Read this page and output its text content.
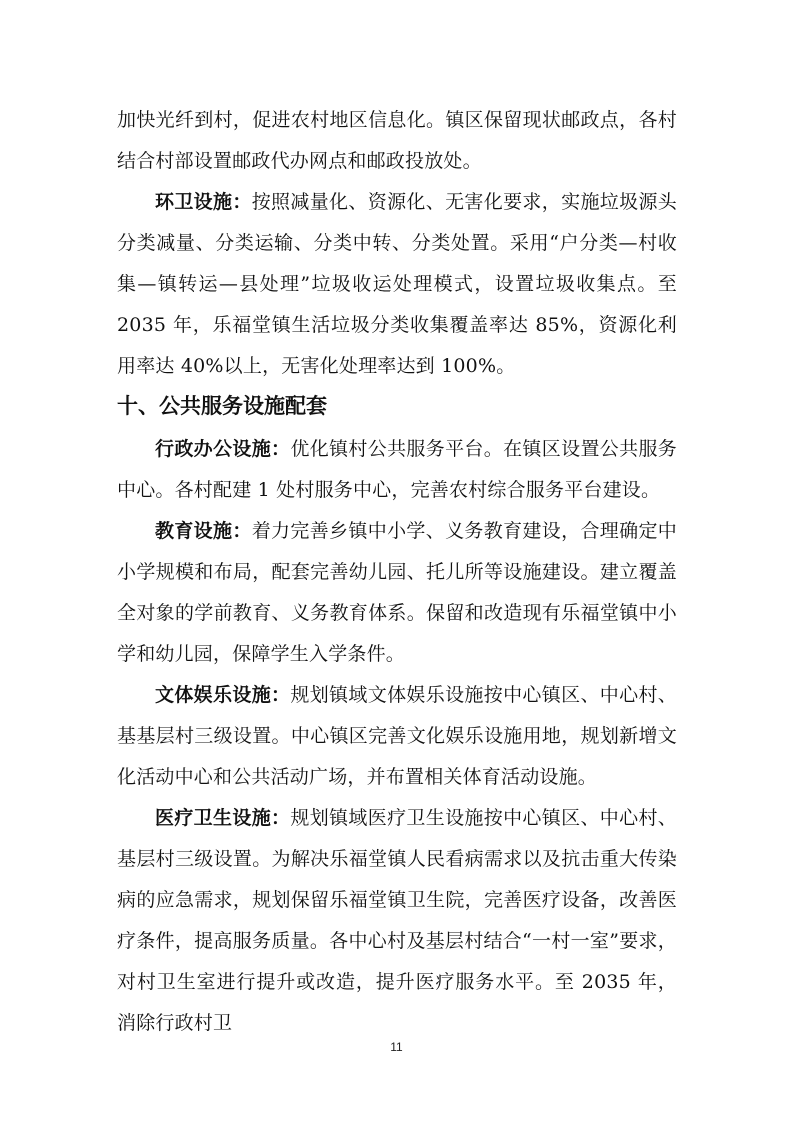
加快光纤到村，促进农村地区信息化。镇区保留现状邮政点，各村结合村部设置邮政代办网点和邮政投放处。

环卫设施：按照减量化、资源化、无害化要求，实施垃圾源头分类减量、分类运输、分类中转、分类处置。采用“户分类—村收集—镇转运—县处理”垃圾收运处理模式，设置垃圾收集点。至 2035 年，乐福堂镇生活垃圾分类收集覆盖率达 85%，资源化利用率达 40%以上，无害化处理率达到 100%。

十、公共服务设施配套

行政办公设施：优化镇村公共服务平台。在镇区设置公共服务中心。各村配建 1 处村服务中心，完善农村综合服务平台建设。

教育设施：着力完善乡镇中小学、义务教育建设，合理确定中小学规模和布局，配套完善幼儿园、托儿所等设施建设。建立覆盖全对象的学前教育、义务教育体系。保留和改造现有乐福堂镇中小学和幼儿园，保障学生入学条件。

文体娱乐设施：规划镇域文体娱乐设施按中心镇区、中心村、基基层村三级设置。中心镇区完善文化娱乐设施用地，规划新增文化活动中心和公共活动广场，并布置相关体育活动设施。

医疗卫生设施：规划镇域医疗卫生设施按中心镇区、中心村、基层村三级设置。为解决乐福堂镇人民看病需求以及抗击重大传染病的应急需求，规划保留乐福堂镇卫生院，完善医疗设备，改善医疗条件，提高服务质量。各中心村及基层村结合“一村一室”要求，对村卫生室进行提升或改造，提升医疗服务水平。至 2035 年，消除行政村卫

11
